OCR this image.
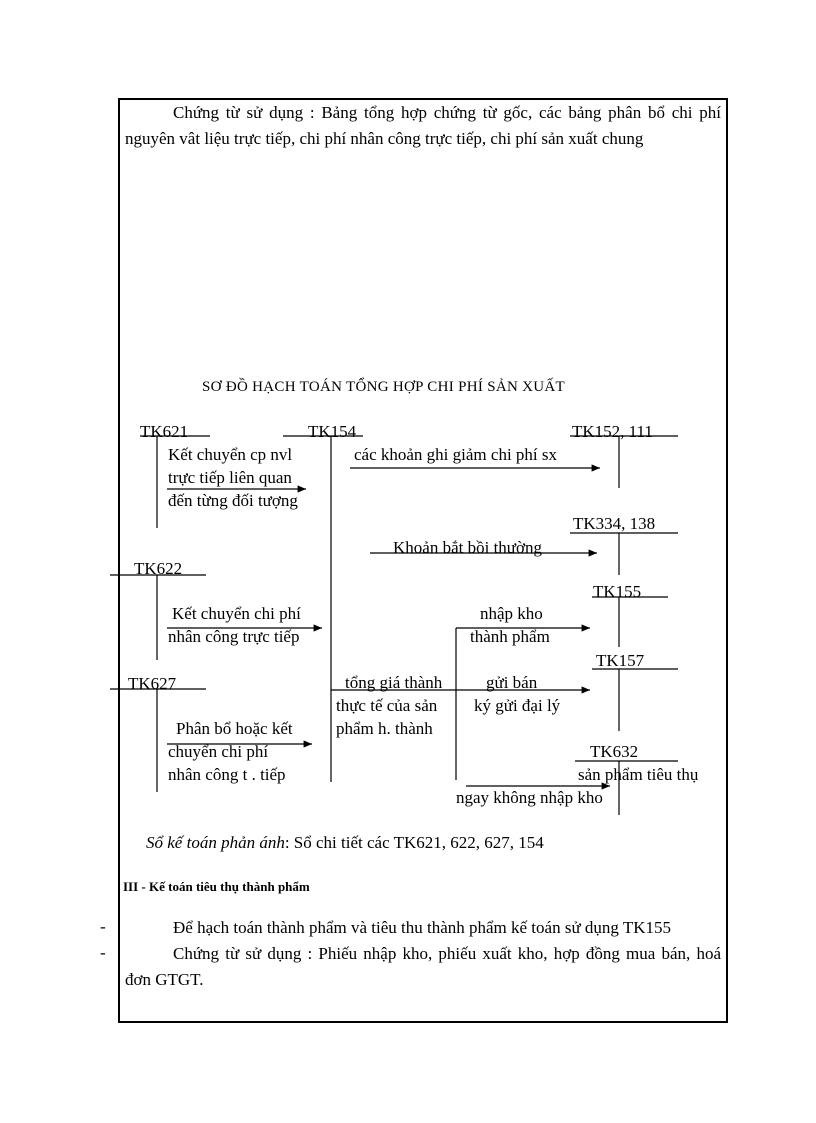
Chứng từ sử dụng : Bảng tổng hợp chứng từ gốc, các bảng phân bổ chi phí nguyên vât liệu trực tiếp, chi phí nhân công trực tiếp, chi phí sản xuất chung
SƠ ĐỒ HẠCH TOÁN TỔNG HỢP CHI PHÍ SẢN XUẤT
TK621	TK154	TK152, 111
TK334, 138
TK622
TK155
TK157
TK627
TK632
Kết chuyển cp nvl
trực tiếp liên quan
đến từng đối tượng
các khoản ghi giảm chi phí sx
Khoản bắt bồi thường
Kết chuyển chi phí
nhân công trực tiếp
nhập kho
thành phẩm
tổng giá thành
thực tế của sản
phẩm h. thành
gửi bán
ký gửi đại lý
Phân bổ hoặc kết
chuyển chi phí
nhân công t . tiếp	sản phẩm tiêu thụ
ngay không nhập kho
Sổ kế toán phản ánh: Sổ chi tiết các TK621, 622, 627, 154
III - Kế toán tiêu thụ thành phẩm
-	Để hạch toán thành phẩm và tiêu thu thành phẩm kế toán sử dụng TK155
-	Chứng từ sử dụng : Phiếu nhập kho, phiếu xuất kho, hợp đồng mua bán, hoá đơn GTGT.
